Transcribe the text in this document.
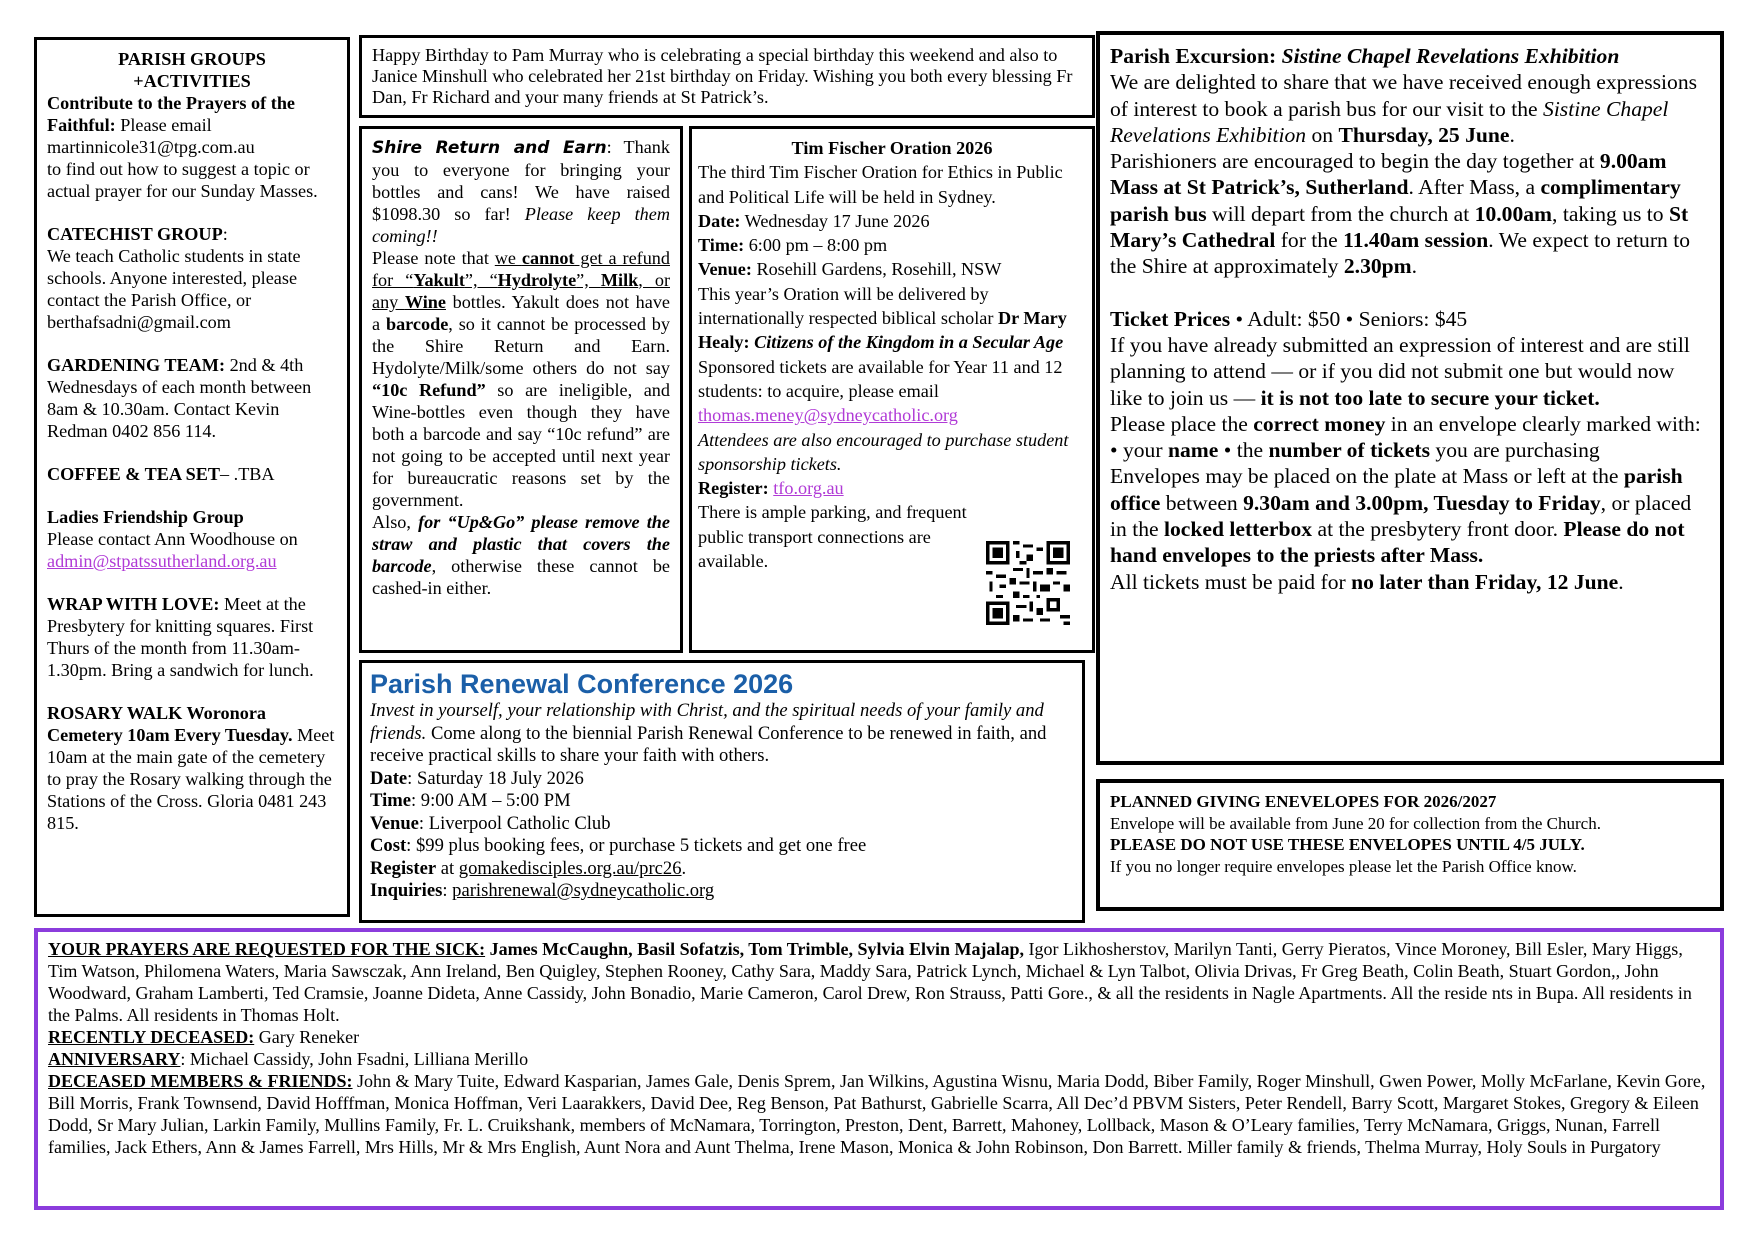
PARISH GROUPS

+ACTIVITIES

Contribute to the Prayers of the Faithful: Please email
martinnicole31@tpg.com.au
to find out how to suggest a topic or actual prayer for our Sunday Masses.

CATECHIST GROUP:
We teach Catholic students in state schools. Anyone interested, please contact the Parish Office, or berthafsadni@gmail.com

GARDENING TEAM: 2nd & 4th Wednesdays of each month between 8am & 10.30am. Contact Kevin Redman 0402 856 114.

COFFEE & TEA SET– .TBA

Ladies Friendship Group
Please contact Ann Woodhouse on
admin@stpatssutherland.org.au

WRAP WITH LOVE: Meet at the Presbytery for knitting squares. First Thurs of the month from 11.30am-1.30pm. Bring a sandwich for lunch.

ROSARY WALK Woronora Cemetery 10am Every Tuesday. Meet 10am at the main gate of the cemetery to pray the Rosary walking through the Stations of the Cross. Gloria 0481 243 815.

Happy Birthday to Pam Murray who is celebrating a special birthday this weekend and also to Janice Minshull who celebrated her 21st birthday on Friday. Wishing you both every blessing Fr Dan, Fr Richard and your many friends at St Patrick’s.

Shire Return and Earn: Thank you to everyone for bringing your bottles and cans! We have raised $1098.30 so far! Please keep them coming!!
Please note that we cannot get a refund for “Yakult”, “Hydrolyte”, Milk, or any Wine bottles. Yakult does not have a barcode, so it cannot be processed by the Shire Return and Earn. Hydolyte/Milk/some others do not say “10c Refund” so are ineligible, and Wine-bottles even though they have both a barcode and say “10c refund” are not going to be accepted until next year for bureaucratic reasons set by the government.
Also, for “Up&Go” please remove the straw and plastic that covers the barcode, otherwise these cannot be cashed-in either.

Tim Fischer Oration 2026

The third Tim Fischer Oration for Ethics in Public and Political Life will be held in Sydney.

Date: Wednesday 17 June 2026

Time: 6:00 pm – 8:00 pm

Venue: Rosehill Gardens, Rosehill, NSW

This year’s Oration will be delivered by internationally respected biblical scholar Dr Mary Healy: Citizens of the Kingdom in a Secular Age

Sponsored tickets are available for Year 11 and 12 students: to acquire, please email

thomas.meney@sydneycatholic.org

Attendees are also encouraged to purchase student sponsorship tickets.

Register: tfo.org.au

There is ample parking, and frequent public transport connections are available.

Parish Renewal Conference 2026

Invest in yourself, your relationship with Christ, and the spiritual needs of your family and friends. Come along to the biennial Parish Renewal Conference to be renewed in faith, and receive practical skills to share your faith with others.

Date: Saturday 18 July 2026

Time: 9:00 AM – 5:00 PM

Venue: Liverpool Catholic Club

Cost: $99 plus booking fees, or purchase 5 tickets and get one free

Register at gomakedisciples.org.au/prc26.

Inquiries: parishrenewal@sydneycatholic.org

Parish Excursion: Sistine Chapel Revelations Exhibition

We are delighted to share that we have received enough expressions of interest to book a parish bus for our visit to the Sistine Chapel Revelations Exhibition on Thursday, 25 June.

Parishioners are encouraged to begin the day together at 9.00am Mass at St Patrick’s, Sutherland. After Mass, a complimentary parish bus will depart from the church at 10.00am, taking us to St Mary’s Cathedral for the 11.40am session. We expect to return to the Shire at approximately 2.30pm.

Ticket Prices • Adult: $50 • Seniors: $45

If you have already submitted an expression of interest and are still planning to attend — or if you did not submit one but would now like to join us — it is not too late to secure your ticket.

Please place the correct money in an envelope clearly marked with: • your name • the number of tickets you are purchasing

Envelopes may be placed on the plate at Mass or left at the parish office between 9.30am and 3.00pm, Tuesday to Friday, or placed in the locked letterbox at the presbytery front door. Please do not hand envelopes to the priests after Mass.

All tickets must be paid for no later than Friday, 12 June.

PLANNED GIVING ENEVELOPES FOR 2026/2027

Envelope will be available from June 20 for collection from the Church.

PLEASE DO NOT USE THESE ENVELOPES UNTIL 4/5 JULY.

If you no longer require envelopes please let the Parish Office know.

YOUR PRAYERS ARE REQUESTED FOR THE SICK: James McCaughn, Basil Sofatzis, Tom Trimble, Sylvia Elvin Majalap, Igor Likhosherstov, Marilyn Tanti, Gerry Pieratos, Vince Moroney, Bill Esler, Mary Higgs, Tim Watson, Philomena Waters, Maria Sawsczak, Ann Ireland, Ben Quigley, Stephen Rooney, Cathy Sara, Maddy Sara, Patrick Lynch, Michael & Lyn Talbot, Olivia Drivas, Fr Greg Beath, Colin Beath, Stuart Gordon,, John Woodward, Graham Lamberti, Ted Cramsie, Joanne Dideta, Anne Cassidy, John Bonadio, Marie Cameron, Carol Drew, Ron Strauss, Patti Gore., & all the residents in Nagle Apartments. All the reside nts in Bupa. All residents in the Palms. All residents in Thomas Holt.

RECENTLY DECEASED: Gary Reneker

ANNIVERSARY: Michael Cassidy, John Fsadni, Lilliana Merillo

DECEASED MEMBERS & FRIENDS: John & Mary Tuite, Edward Kasparian, James Gale, Denis Sprem, Jan Wilkins, Agustina Wisnu, Maria Dodd, Biber Family, Roger Minshull, Gwen Power, Molly McFarlane, Kevin Gore, Bill Morris, Frank Townsend, David Hofffman, Monica Hoffman, Veri Laarakkers, David Dee, Reg Benson, Pat Bathurst, Gabrielle Scarra, All Dec’d PBVM Sisters, Peter Rendell, Barry Scott, Margaret Stokes, Gregory & Eileen Dodd, Sr Mary Julian, Larkin Family, Mullins Family, Fr. L. Cruikshank, members of McNamara, Torrington, Preston, Dent, Barrett, Mahoney, Lollback, Mason & O’Leary families, Terry McNamara, Griggs, Nunan, Farrell families, Jack Ethers, Ann & James Farrell, Mrs Hills, Mr & Mrs English, Aunt Nora and Aunt Thelma, Irene Mason, Monica & John Robinson, Don Barrett. Miller family & friends, Thelma Murray, Holy Souls in Purgatory
